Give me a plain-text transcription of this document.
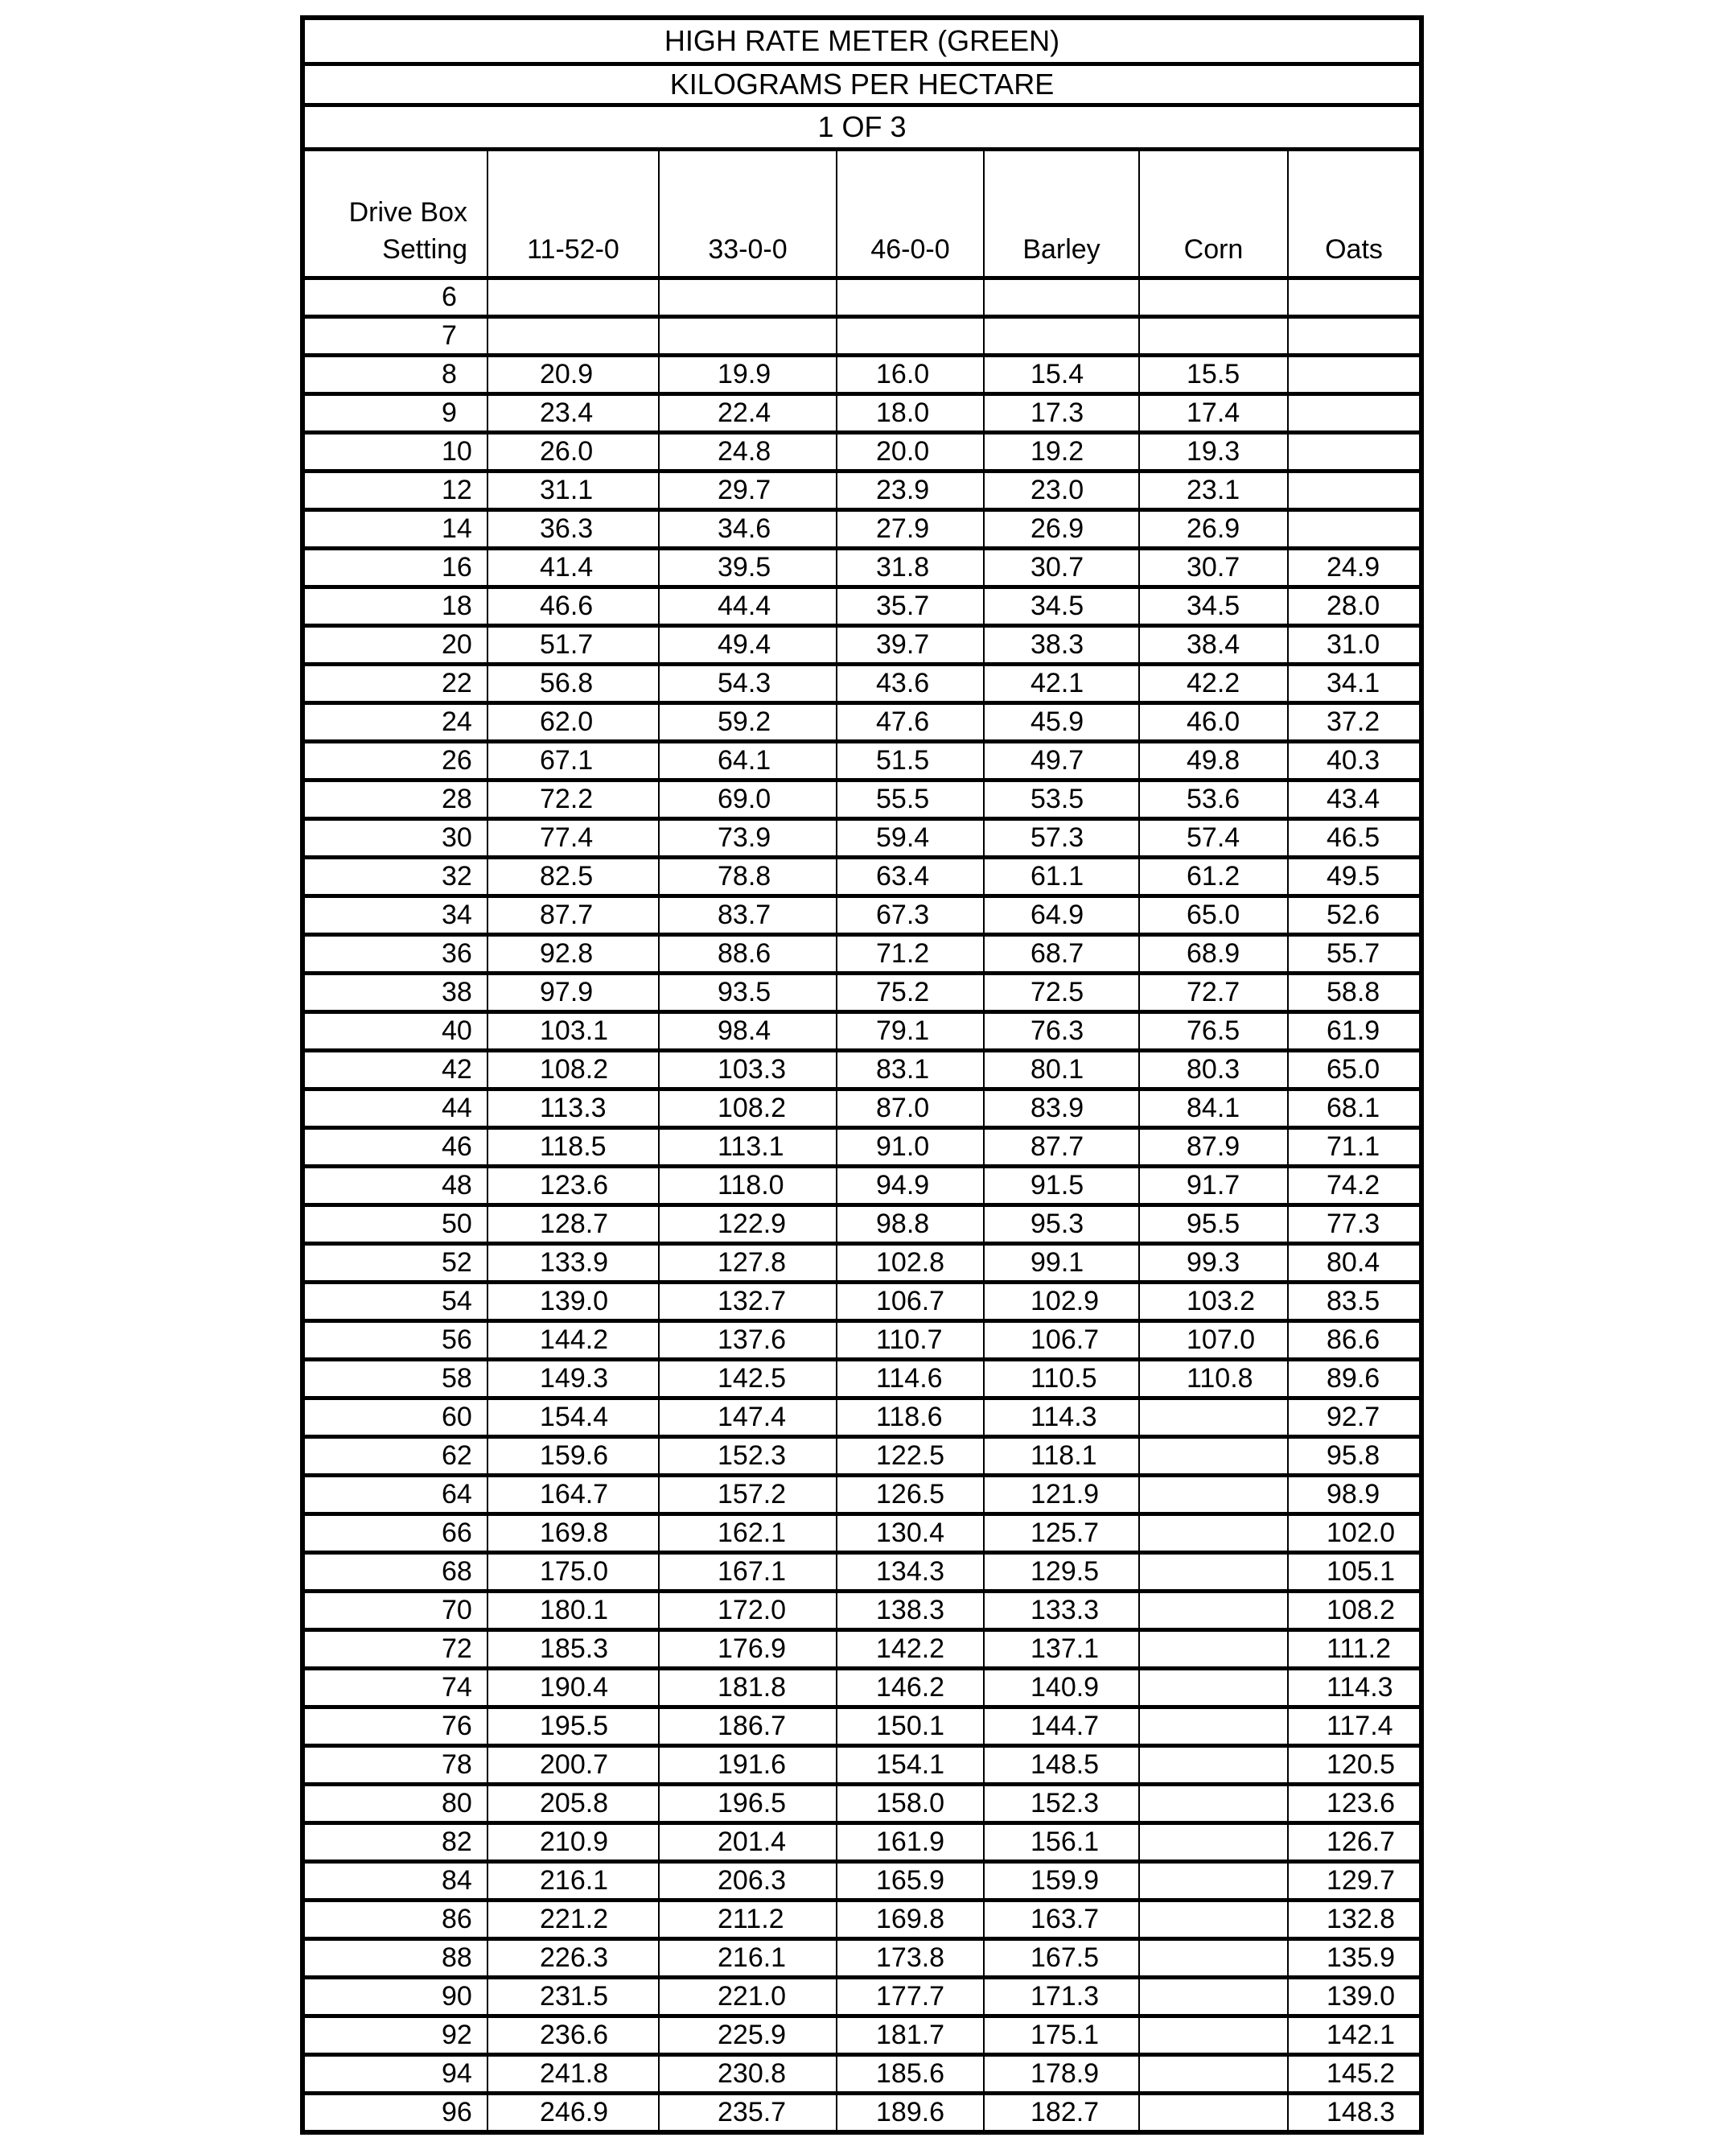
HIGH RATE METER (GREEN)						
KILOGRAMS PER HECTARE						
1 OF 3						

Drive Box
Setting	11-52-0	33-0-0	46-0-0	Barley	Corn	Oats
6						
7						
8	20.9	19.9	16.0	15.4	15.5	
9	23.4	22.4	18.0	17.3	17.4	
10	26.0	24.8	20.0	19.2	19.3	
12	31.1	29.7	23.9	23.0	23.1	
14	36.3	34.6	27.9	26.9	26.9	
16	41.4	39.5	31.8	30.7	30.7	24.9
18	46.6	44.4	35.7	34.5	34.5	28.0
20	51.7	49.4	39.7	38.3	38.4	31.0
22	56.8	54.3	43.6	42.1	42.2	34.1
24	62.0	59.2	47.6	45.9	46.0	37.2
26	67.1	64.1	51.5	49.7	49.8	40.3
28	72.2	69.0	55.5	53.5	53.6	43.4
30	77.4	73.9	59.4	57.3	57.4	46.5
32	82.5	78.8	63.4	61.1	61.2	49.5
34	87.7	83.7	67.3	64.9	65.0	52.6
36	92.8	88.6	71.2	68.7	68.9	55.7
38	97.9	93.5	75.2	72.5	72.7	58.8
40	103.1	98.4	79.1	76.3	76.5	61.9
42	108.2	103.3	83.1	80.1	80.3	65.0
44	113.3	108.2	87.0	83.9	84.1	68.1
46	118.5	113.1	91.0	87.7	87.9	71.1
48	123.6	118.0	94.9	91.5	91.7	74.2
50	128.7	122.9	98.8	95.3	95.5	77.3
52	133.9	127.8	102.8	99.1	99.3	80.4
54	139.0	132.7	106.7	102.9	103.2	83.5
56	144.2	137.6	110.7	106.7	107.0	86.6
58	149.3	142.5	114.6	110.5	110.8	89.6
60	154.4	147.4	118.6	114.3		92.7
62	159.6	152.3	122.5	118.1		95.8
64	164.7	157.2	126.5	121.9		98.9
66	169.8	162.1	130.4	125.7		102.0
68	175.0	167.1	134.3	129.5		105.1
70	180.1	172.0	138.3	133.3		108.2
72	185.3	176.9	142.2	137.1		111.2
74	190.4	181.8	146.2	140.9		114.3
76	195.5	186.7	150.1	144.7		117.4
78	200.7	191.6	154.1	148.5		120.5
80	205.8	196.5	158.0	152.3		123.6
82	210.9	201.4	161.9	156.1		126.7
84	216.1	206.3	165.9	159.9		129.7
86	221.2	211.2	169.8	163.7		132.8
88	226.3	216.1	173.8	167.5		135.9
90	231.5	221.0	177.7	171.3		139.0
92	236.6	225.9	181.7	175.1		142.1
94	241.8	230.8	185.6	178.9		145.2
96	246.9	235.7	189.6	182.7		148.3
